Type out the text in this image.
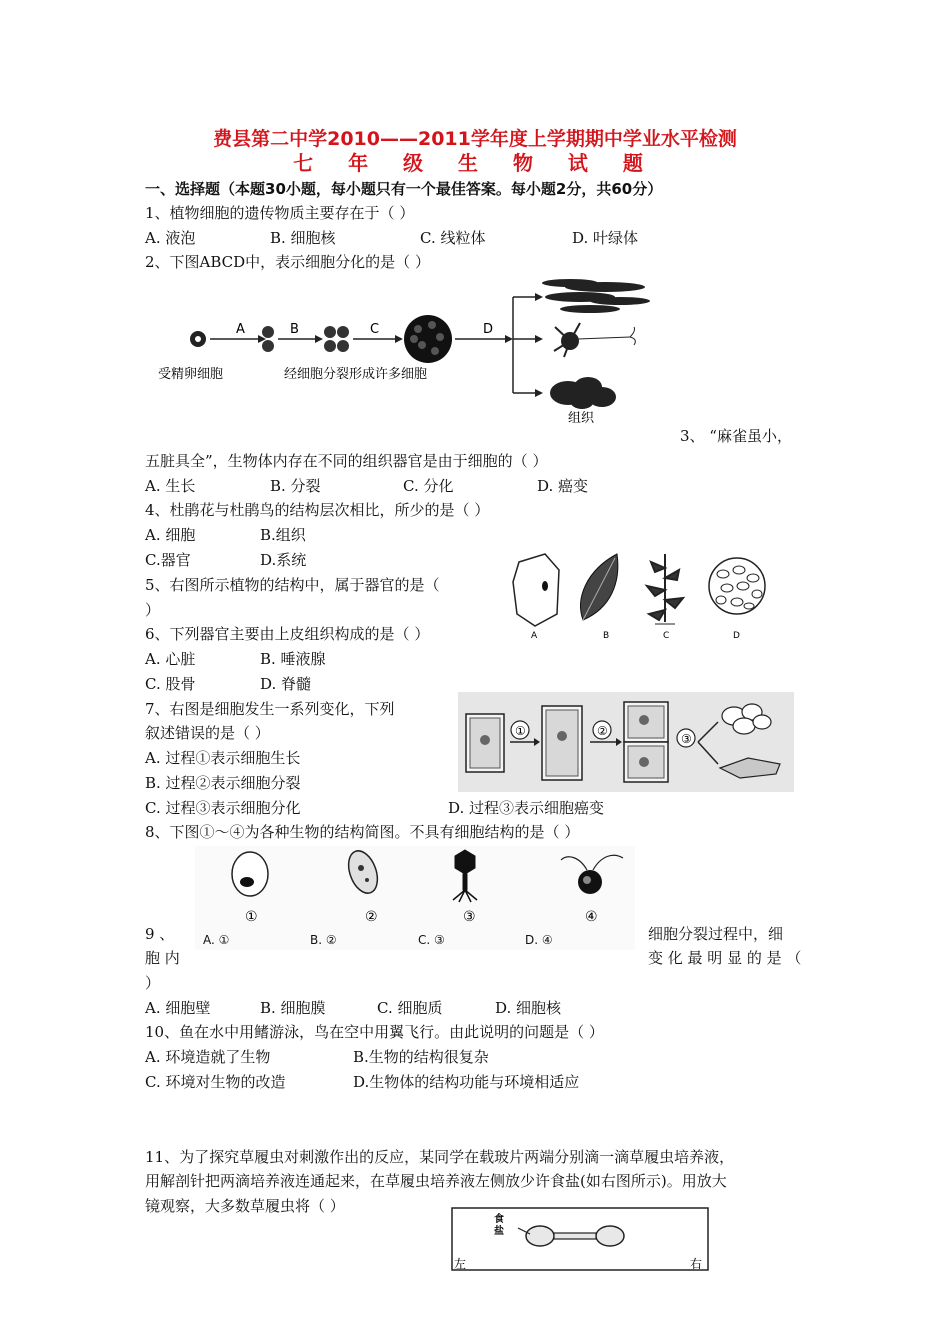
费县第二中学2010——2011学年度上学期期中学业水平检测
七 年 级 生 物 试 题
一、选择题（本题30小题，每小题只有一个最佳答案。每小题2分，共60分）
1、植物细胞的遗传物质主要存在于（ ）
A. 液泡	B. 细胞核	C. 线粒体	D. 叶绿体
2、下图ABCD中，表示细胞分化的是（ ）
A	B	C	D
受精卵细胞	经细胞分裂形成许多细胞
组织
3、 “麻雀虽小，
五脏具全”，生物体内存在不同的组织器官是由于细胞的（ ）
A. 生长	B. 分裂	C. 分化	D. 癌变
4、杜鹃花与杜鹃鸟的结构层次相比，所少的是（ ）
A. 细胞	B.组织
C.器官	D.系统
A	B	C	D
5、右图所示植物的结构中，属于器官的是（
）
6、下列器官主要由上皮组织构成的是（ ）
A. 心脏	B. 唾液腺
C. 股骨	D. 脊髓
①	②
③
7、右图是细胞发生一系列变化，下列
叙述错误的是（ ）
A. 过程①表示细胞生长
B. 过程②表示细胞分裂
C. 过程③表示细胞分化	D. 过程③表示细胞癌变
8、下图①～④为各种生物的结构简图。不具有细胞结构的是（ ）
①	②	③	④
A. ①	B. ②	C. ③	D. ④
9 、	细胞分裂过程中，细
胞 内	变 化 最 明 显 的 是 （
）
A. 细胞壁	B. 细胞膜	C. 细胞质	D. 细胞核
10、鱼在水中用鳍游泳，鸟在空中用翼飞行。由此说明的问题是（ ）
A. 环境造就了生物	B.生物的结构很复杂
C. 环境对生物的改造	D.生物体的结构功能与环境相适应
11、为了探究草履虫对刺激作出的反应，某同学在载玻片两端分别滴一滴草履虫培养液，
用解剖针把两滴培养液连通起来，在草履虫培养液左侧放少许食盐(如右图所示)。用放大
镜观察，大多数草履虫将（ ）
食
盐
左	右
